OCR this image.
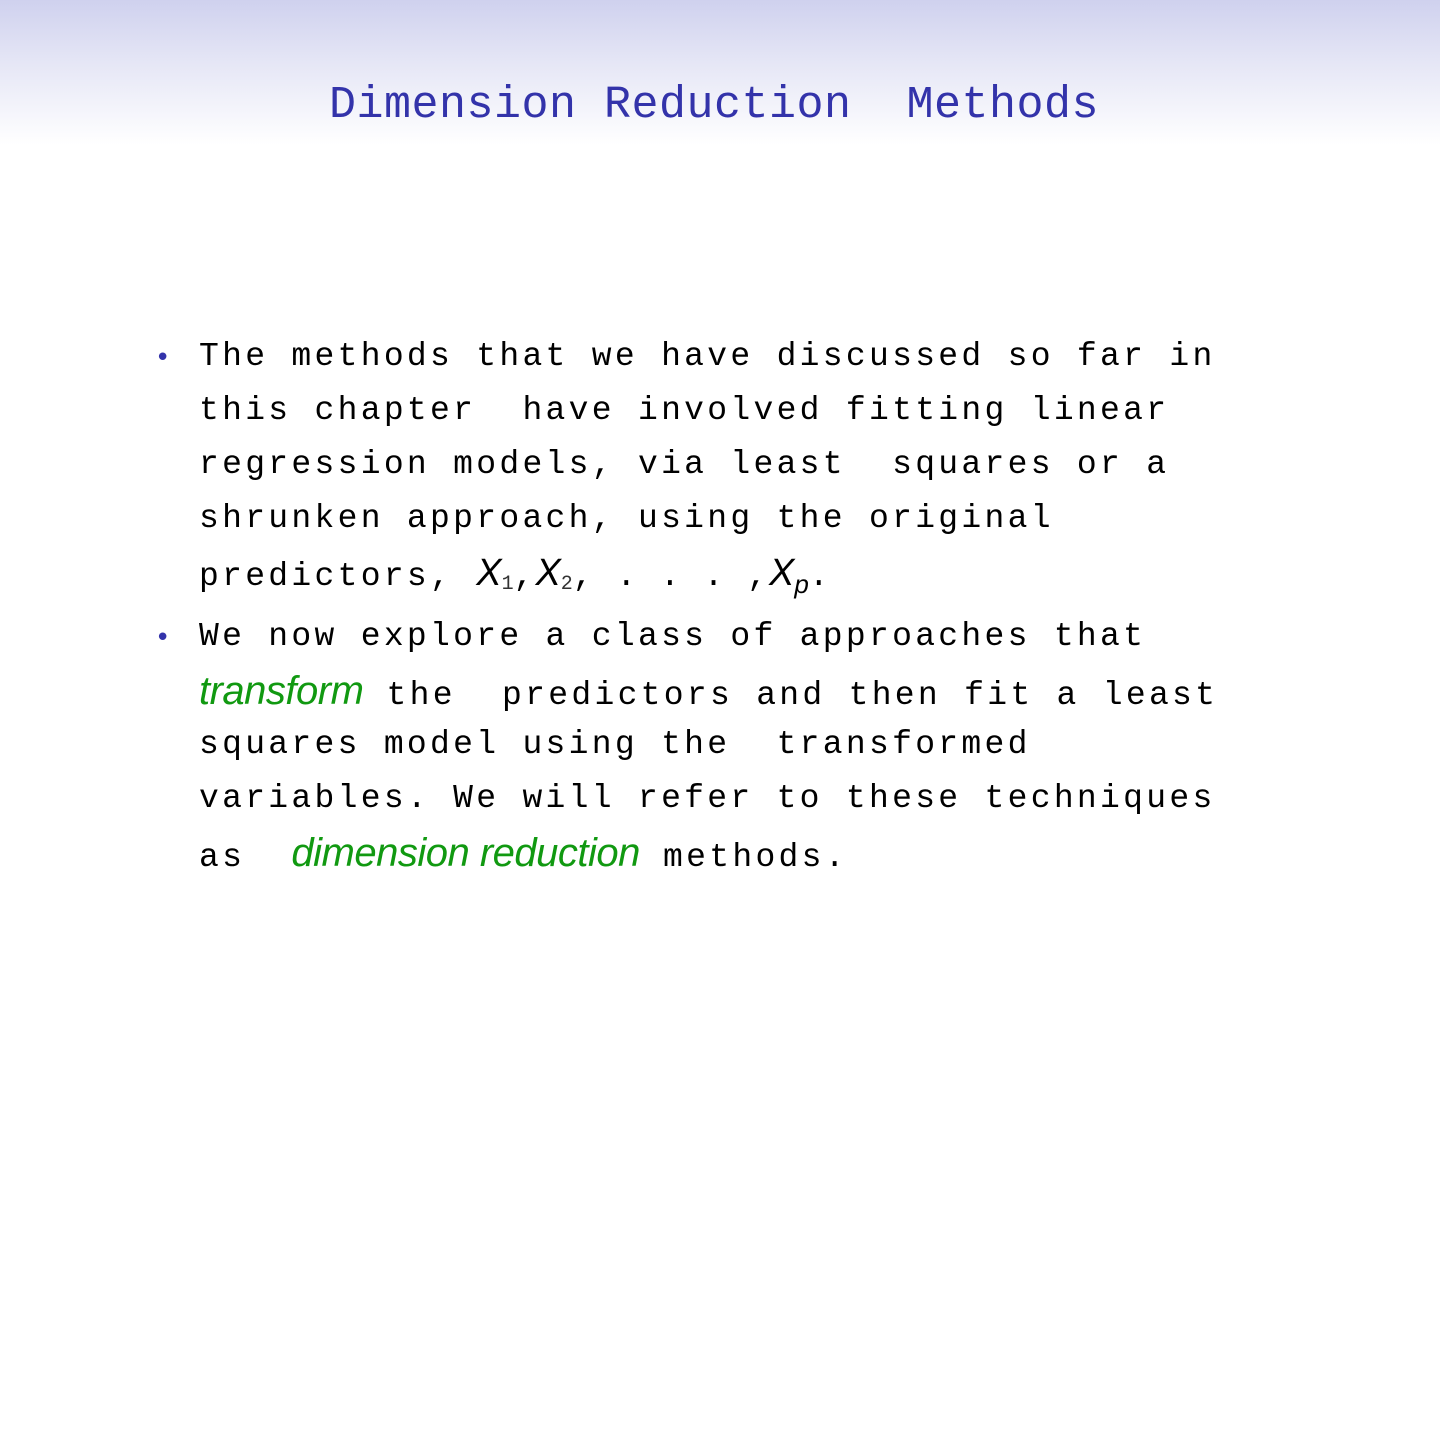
Dimension Reduction  Methods
• The methods that we have discussed so far in
this chapter  have involved fitting linear
regression models, via least  squares or a
shrunken approach, using the original
predictors, $X_1,X_2$, . . . $,X_p$.
• We now explore a class of approaches that
transform the  predictors and then fit a least
squares model using the  transformed
variables. We will refer to these techniques
as  dimension reduction methods.
